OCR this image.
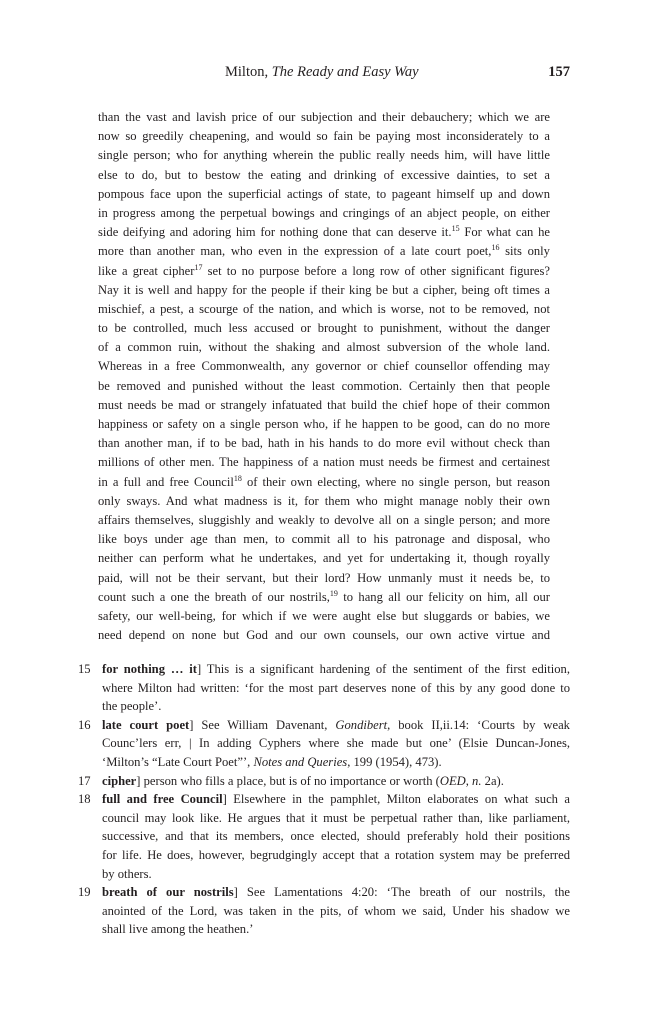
Milton, The Ready and Easy Way	157
than the vast and lavish price of our subjection and their debauchery; which we are
now so greedily cheapening, and would so fain be paying most inconsiderately to a
single person; who for anything wherein the public really needs him, will have little
else to do, but to bestow the eating and drinking of excessive dainties, to set a
pompous face upon the superficial actings of state, to pageant himself up and down
in progress among the perpetual bowings and cringings of an abject people, on either
side deifying and adoring him for nothing done that can deserve it.$^{15}$ For what can he
more than another man, who even in the expression of a late court poet,$^{16}$ sits only
like a great cipher$^{17}$ set to no purpose before a long row of other significant figures?
Nay it is well and happy for the people if their king be but a cipher, being oft times a
mischief, a pest, a scourge of the nation, and which is worse, not to be removed, not
to be controlled, much less accused or brought to punishment, without the danger
of a common ruin, without the shaking and almost subversion of the whole land.
Whereas in a free Commonwealth, any governor or chief counsellor offending may
be removed and punished without the least commotion. Certainly then that people
must needs be mad or strangely infatuated that build the chief hope of their common
happiness or safety on a single person who, if he happen to be good, can do no more
than another man, if to be bad, hath in his hands to do more evil without check than
millions of other men. The happiness of a nation must needs be firmest and certainest
in a full and free Council$^{18}$ of their own electing, where no single person, but reason
only sways. And what madness is it, for them who might manage nobly their own
affairs themselves, sluggishly and weakly to devolve all on a single person; and more
like boys under age than men, to commit all to his patronage and disposal, who
neither can perform what he undertakes, and yet for undertaking it, though royally
paid, will not be their servant, but their lord? How unmanly must it needs be, to
count such a one the breath of our nostrils,$^{19}$ to hang all our felicity on him, all our
safety, our well-being, for which if we were aught else but sluggards or babies, we
need depend on none but God and our own counsels, our own active virtue and
15 for nothing … it] This is a significant hardening of the sentiment of the first edition,
where Milton had written: ‘for the most part deserves none of this by any good done to
the people’.
16 late court poet] See William Davenant, Gondibert, book II,ii.14: ‘Courts by weak
Counc’lers err, | In adding Cyphers where she made but one’ (Elsie Duncan-Jones,
‘Milton’s “Late Court Poet”’, Notes and Queries, 199 (1954), 473).
17 cipher] person who fills a place, but is of no importance or worth (OED, n. 2a).
18 full and free Council] Elsewhere in the pamphlet, Milton elaborates on what such a
council may look like. He argues that it must be perpetual rather than, like parliament,
successive, and that its members, once elected, should preferably hold their positions
for life. He does, however, begrudgingly accept that a rotation system may be preferred
by others.
19 breath of our nostrils] See Lamentations 4:20: ‘The breath of our nostrils, the
anointed of the Lord, was taken in the pits, of whom we said, Under his shadow we
shall live among the heathen.’
